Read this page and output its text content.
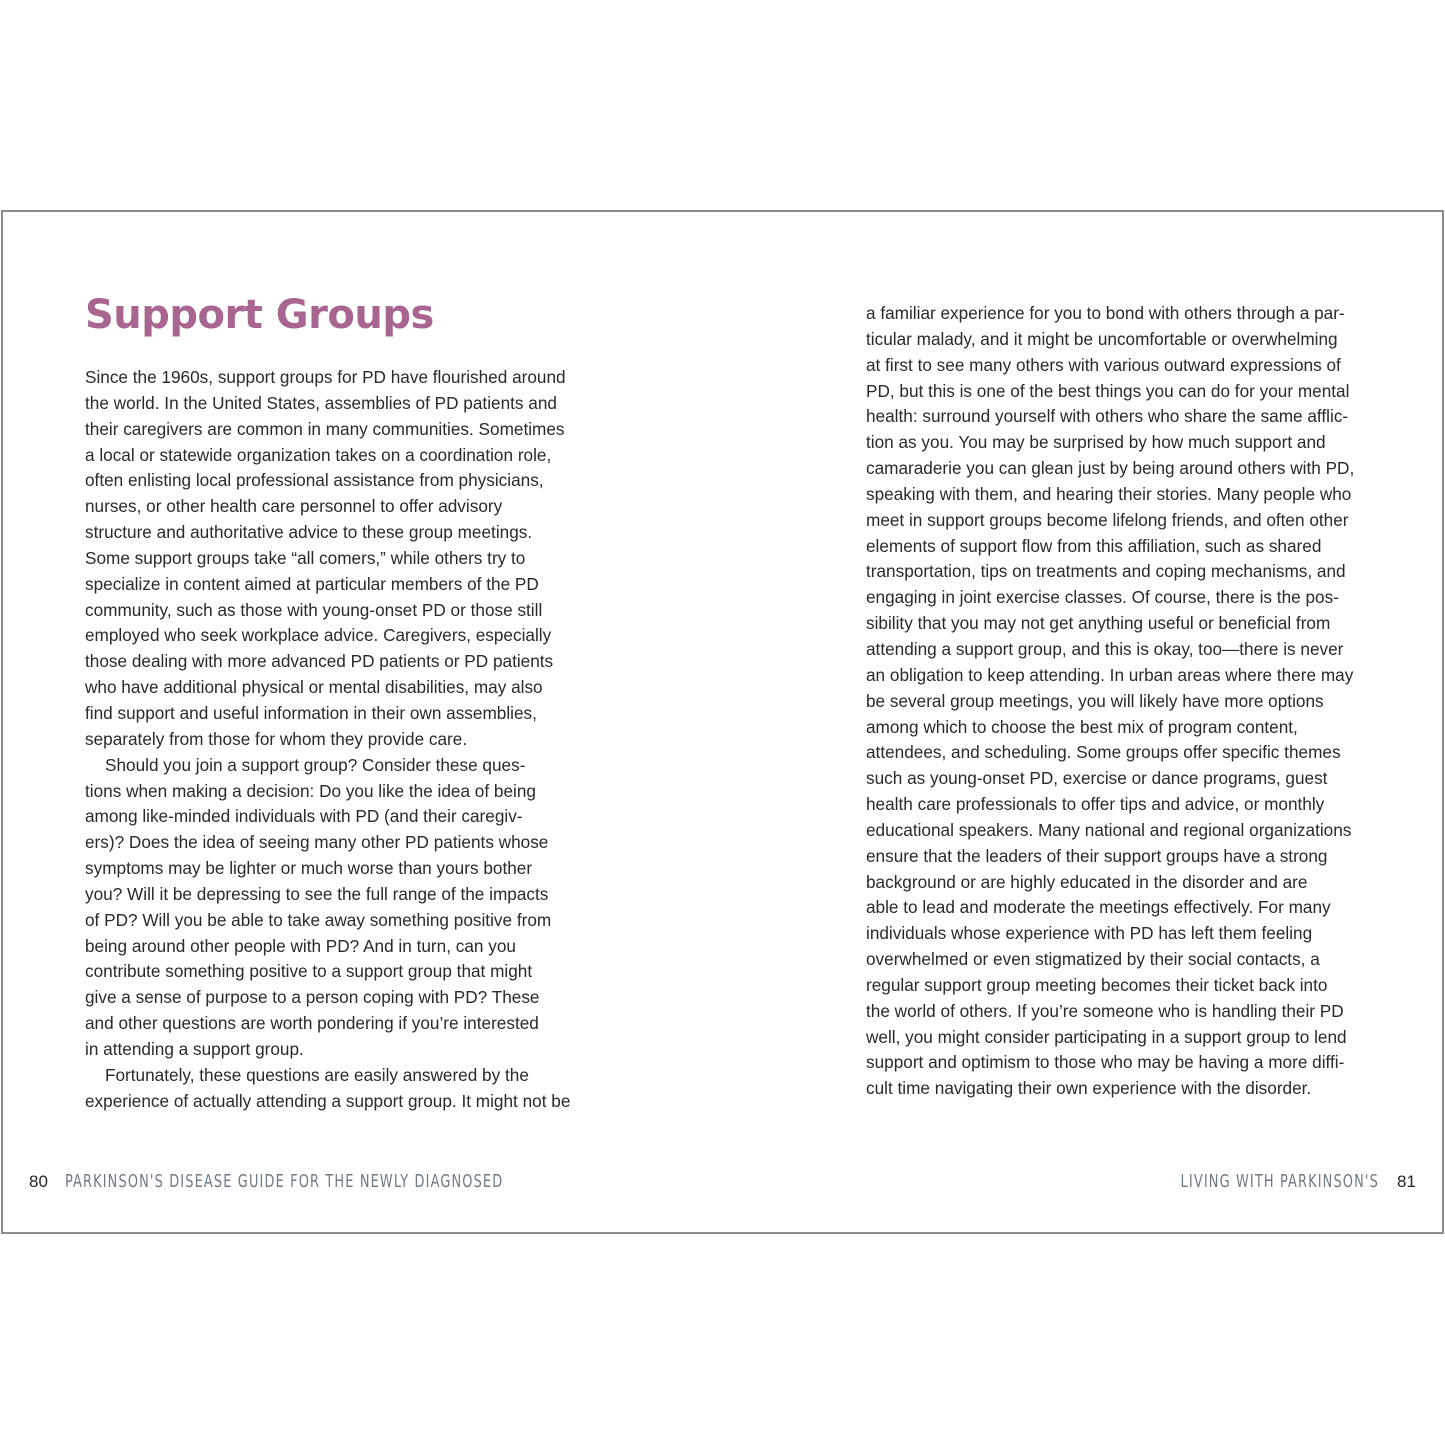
Support Groups
Since the 1960s, support groups for PD have flourished around
the world. In the United States, assemblies of PD patients and
their caregivers are common in many communities. Sometimes
a local or statewide organization takes on a coordination role,
often enlisting local professional assistance from physicians,
nurses, or other health care personnel to offer advisory
structure and authoritative advice to these group meetings.
Some support groups take “all comers,” while others try to
specialize in content aimed at particular members of the PD
community, such as those with young-onset PD or those still
employed who seek workplace advice. Caregivers, especially
those dealing with more advanced PD patients or PD patients
who have additional physical or mental disabilities, may also
find support and useful information in their own assemblies,
separately from those for whom they provide care.
Should you join a support group? Consider these ques-
tions when making a decision: Do you like the idea of being
among like-minded individuals with PD (and their caregiv-
ers)? Does the idea of seeing many other PD patients whose
symptoms may be lighter or much worse than yours bother
you? Will it be depressing to see the full range of the impacts
of PD? Will you be able to take away something positive from
being around other people with PD? And in turn, can you
contribute something positive to a support group that might
give a sense of purpose to a person coping with PD? These
and other questions are worth pondering if you’re interested
in attending a support group.
Fortunately, these questions are easily answered by the
experience of actually attending a support group. It might not be
a familiar experience for you to bond with others through a par-
ticular malady, and it might be uncomfortable or overwhelming
at first to see many others with various outward expressions of
PD, but this is one of the best things you can do for your mental
health: surround yourself with others who share the same afflic-
tion as you. You may be surprised by how much support and
camaraderie you can glean just by being around others with PD,
speaking with them, and hearing their stories. Many people who
meet in support groups become lifelong friends, and often other
elements of support flow from this affiliation, such as shared
transportation, tips on treatments and coping mechanisms, and
engaging in joint exercise classes. Of course, there is the pos-
sibility that you may not get anything useful or beneficial from
attending a support group, and this is okay, too—there is never
an obligation to keep attending. In urban areas where there may
be several group meetings, you will likely have more options
among which to choose the best mix of program content,
attendees, and scheduling. Some groups offer specific themes
such as young-onset PD, exercise or dance programs, guest
health care professionals to offer tips and advice, or monthly
educational speakers. Many national and regional organizations
ensure that the leaders of their support groups have a strong
background or are highly educated in the disorder and are
able to lead and moderate the meetings effectively. For many
individuals whose experience with PD has left them feeling
overwhelmed or even stigmatized by their social contacts, a
regular support group meeting becomes their ticket back into
the world of others. If you’re someone who is handling their PD
well, you might consider participating in a support group to lend
support and optimism to those who may be having a more diffi-
cult time navigating their own experience with the disorder.
80 PARKINSON'S DISEASE GUIDE FOR THE NEWLY DIAGNOSED	LIVING WITH PARKINSON'S 81
